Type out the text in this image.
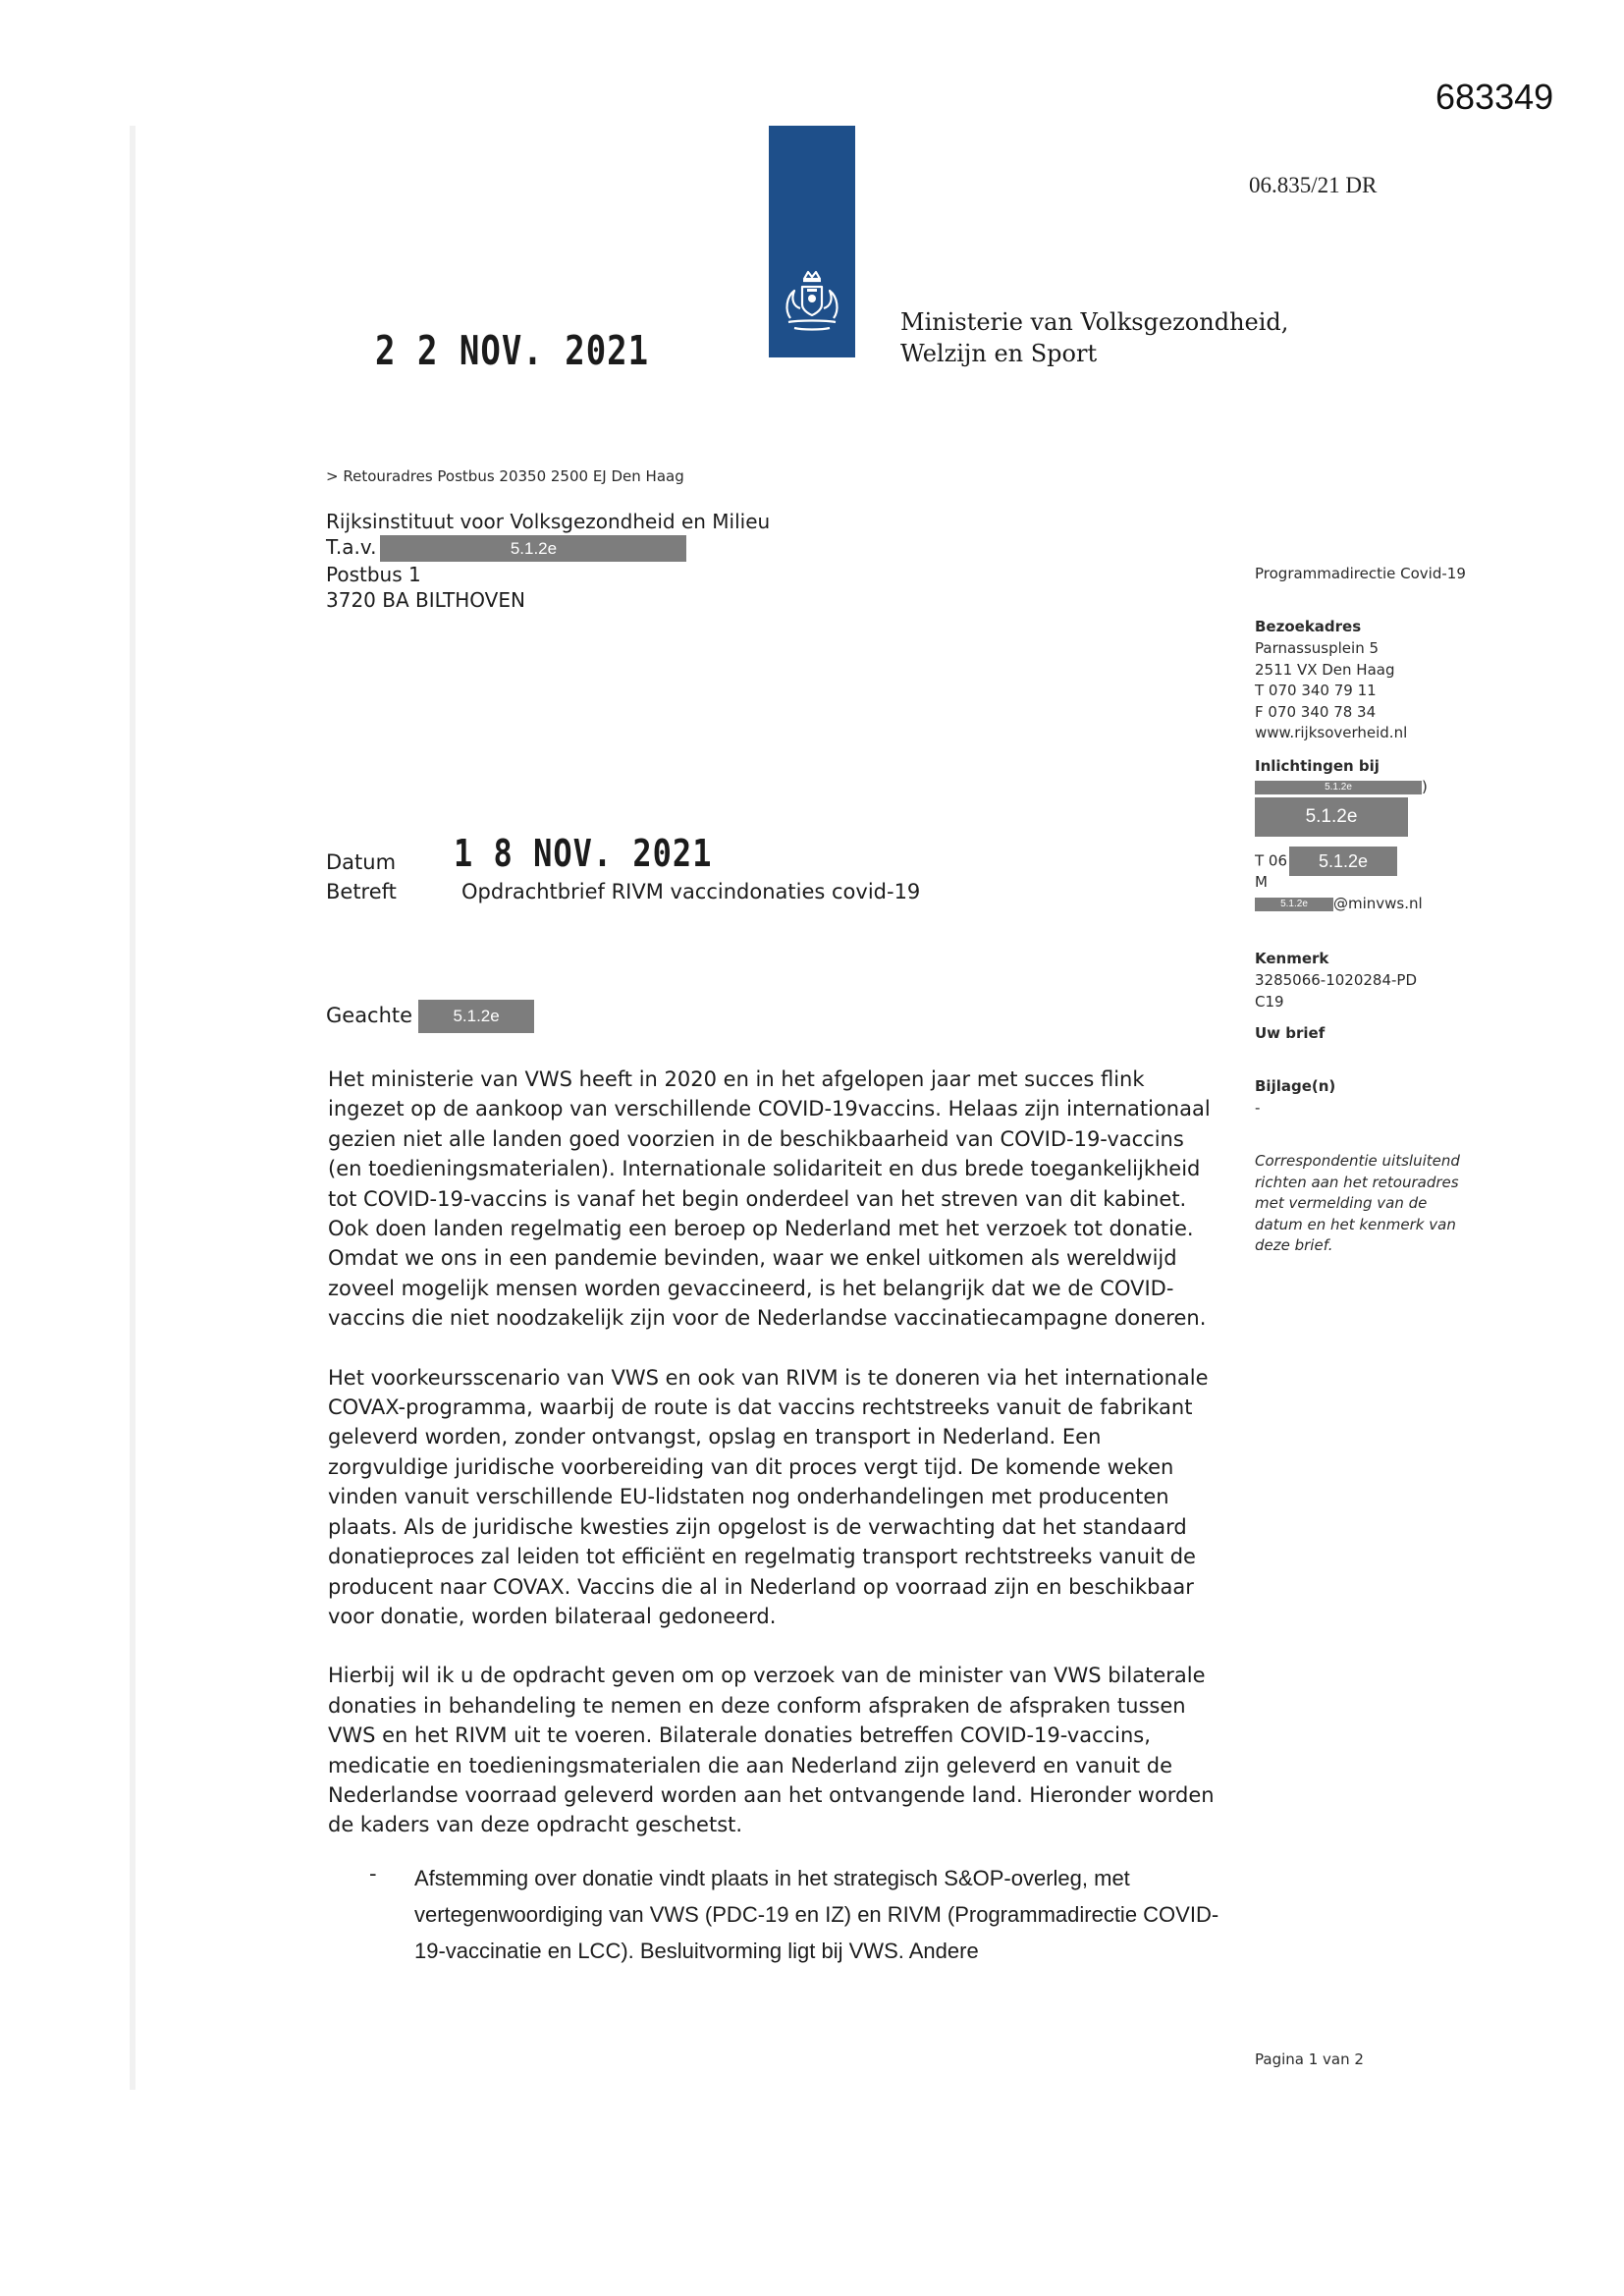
683349
06.835/21 DR
Ministerie van Volksgezondheid,
Welzijn en Sport
2 2 NOV. 2021
> Retouradres Postbus 20350 2500 EJ Den Haag
Rijksinstituut voor Volksgezondheid en Milieu
T.a.v.	5.1.2e
Postbus 1
3720 BA BILTHOVEN
Datum 1 8 NOV. 2021
Betreft	Opdrachtbrief RIVM vaccindonaties covid-19
Geachte 5.1.2e

Het ministerie van VWS heeft in 2020 en in het afgelopen jaar met succes flink ingezet op de aankoop van verschillende COVID-19vaccins. Helaas zijn internationaal gezien niet alle landen goed voorzien in de beschikbaarheid van COVID-19-vaccins (en toedieningsmaterialen). Internationale solidariteit en dus brede toegankelijkheid tot COVID-19-vaccins is vanaf het begin onderdeel van het streven van dit kabinet. Ook doen landen regelmatig een beroep op Nederland met het verzoek tot donatie. Omdat we ons in een pandemie bevinden, waar we enkel uitkomen als wereldwijd zoveel mogelijk mensen worden gevaccineerd, is het belangrijk dat we de COVID-vaccins die niet noodzakelijk zijn voor de Nederlandse vaccinatiecampagne doneren.

Het voorkeursscenario van VWS en ook van RIVM is te doneren via het internationale COVAX-programma, waarbij de route is dat vaccins rechtstreeks vanuit de fabrikant geleverd worden, zonder ontvangst, opslag en transport in Nederland. Een zorgvuldige juridische voorbereiding van dit proces vergt tijd. De komende weken vinden vanuit verschillende EU-lidstaten nog onderhandelingen met producenten plaats. Als de juridische kwesties zijn opgelost is de verwachting dat het standaard donatieproces zal leiden tot efficiënt en regelmatig transport rechtstreeks vanuit de producent naar COVAX. Vaccins die al in Nederland op voorraad zijn en beschikbaar voor donatie, worden bilateraal gedoneerd.

Hierbij wil ik u de opdracht geven om op verzoek van de minister van VWS bilaterale donaties in behandeling te nemen en deze conform afspraken de afspraken tussen VWS en het RIVM uit te voeren. Bilaterale donaties betreffen COVID-19-vaccins, medicatie en toedieningsmaterialen die aan Nederland zijn geleverd en vanuit de Nederlandse voorraad geleverd worden aan het ontvangende land. Hieronder worden de kaders van deze opdracht geschetst.

- Afstemming over donatie vindt plaats in het strategisch S&OP-overleg, met vertegenwoordiging van VWS (PDC-19 en IZ) en RIVM (Programmadirectie COVID-19-vaccinatie en LCC). Besluitvorming ligt bij VWS. Andere
Programmadirectie Covid-19
Bezoekadres
Parnassusplein 5
2511 VX Den Haag
T 070 340 79 11
F 070 340 78 34
www.rijksoverheid.nl
Inlichtingen bij
5.1.2e	)
5.1.2e
T 06 5.1.2e
M
5.1.2e @minvws.nl
Kenmerk
3285066-1020284-PDC19
Uw brief
Bijlage(n)
-
Correspondentie uitsluitend richten aan het retouradres met vermelding van de datum en het kenmerk van deze brief.
Pagina 1 van 2
